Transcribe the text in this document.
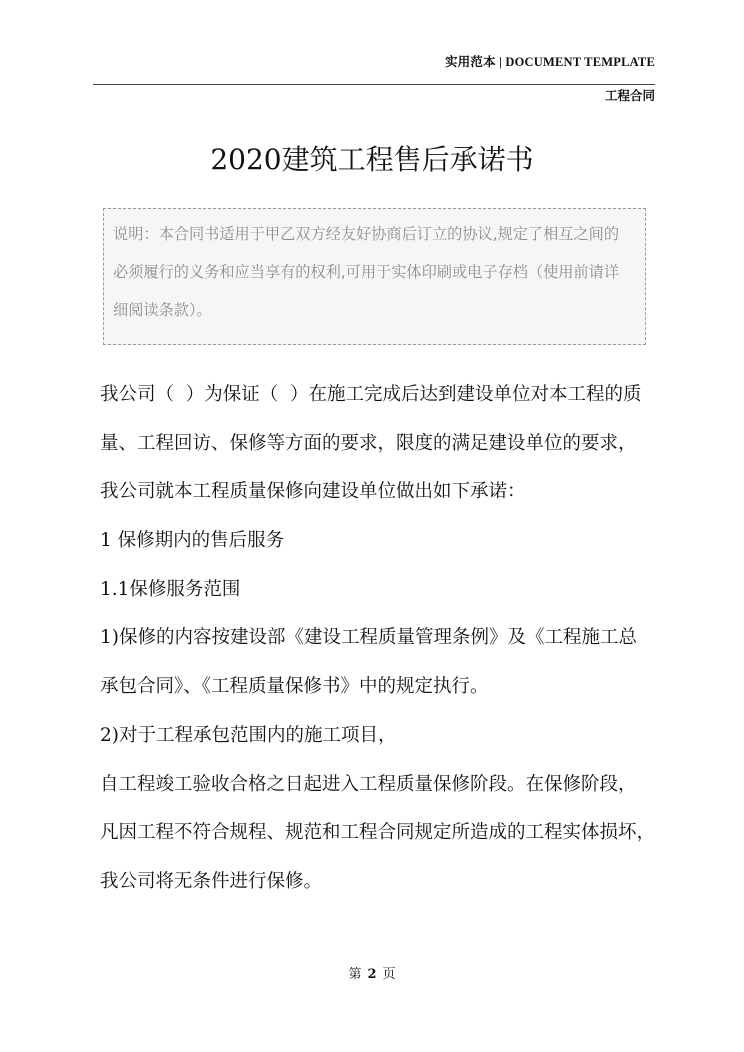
实用范本 | DOCUMENT TEMPLATE
工程合同
2020建筑工程售后承诺书
说明：本合同书适用于甲乙双方经友好协商后订立的协议,规定了相互之间的
必须履行的义务和应当享有的权利,可用于实体印刷或电子存档（使用前请详
细阅读条款）。
我公司（  ）为保证（  ）在施工完成后达到建设单位对本工程的质
量、工程回访、保修等方面的要求，限度的满足建设单位的要求，
我公司就本工程质量保修向建设单位做出如下承诺：
1 保修期内的售后服务
1.1保修服务范围
1)保修的内容按建设部《建设工程质量管理条例》及《工程施工总
承包合同》、《工程质量保修书》中的规定执行。
2)对于工程承包范围内的施工项目，
自工程竣工验收合格之日起进入工程质量保修阶段。在保修阶段，
凡因工程不符合规程、规范和工程合同规定所造成的工程实体损坏，
我公司将无条件进行保修。
第 2 页
